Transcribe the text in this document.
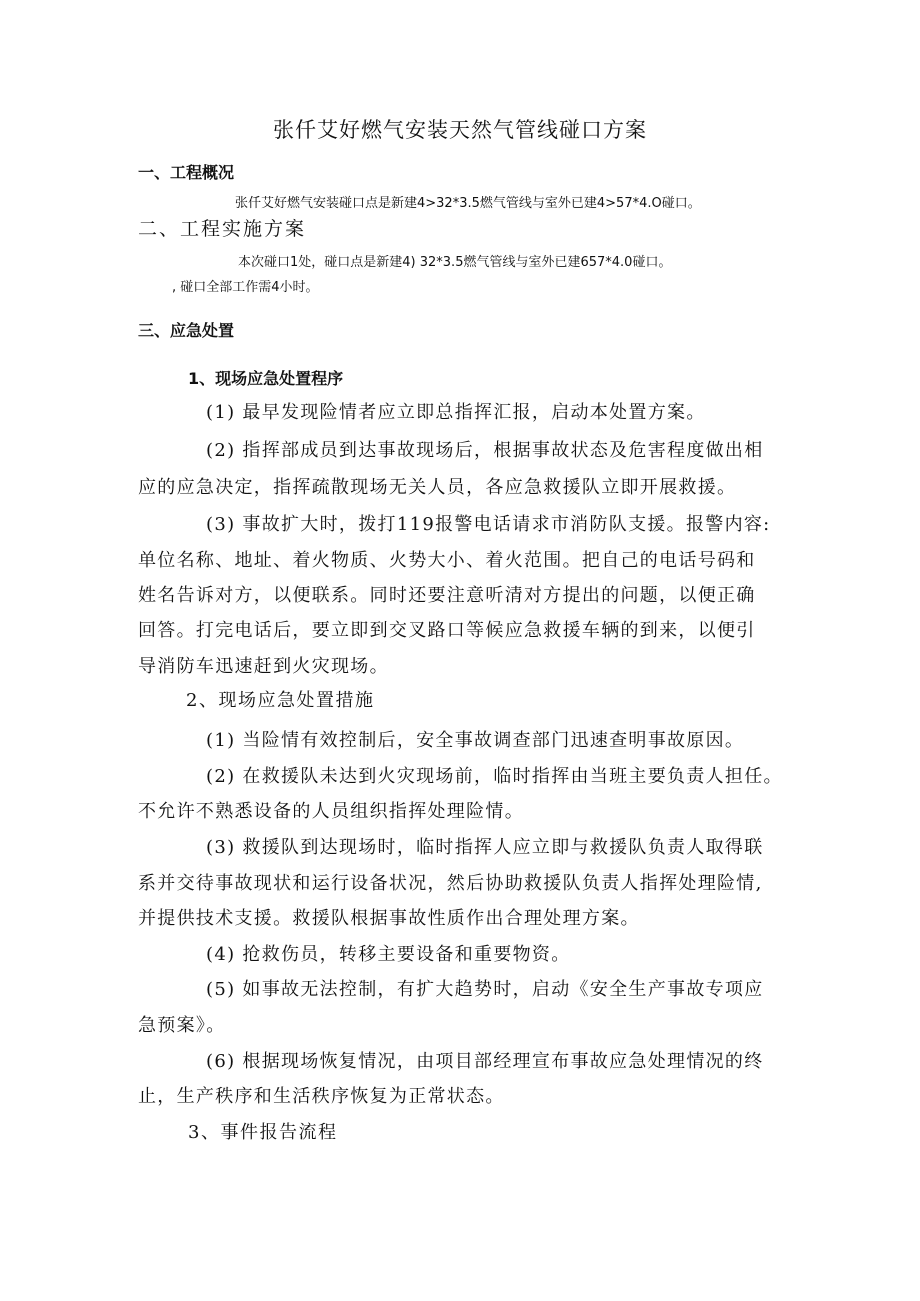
张仟艾好燃气安装天然气管线碰口方案
一、工程概况
张仟艾好燃气安装碰口点是新建4>32*3.5燃气管线与室外已建4>57*4.O碰口。
二、工程实施方案
本次碰口1处，碰口点是新建4) 32*3.5燃气管线与室外已建657*4.0碰口。
, 碰口全部工作需4小时。
三、应急处置
1、现场应急处置程序
(1) 最早发现险情者应立即总指挥汇报，启动本处置方案。
(2) 指挥部成员到达事故现场后，根据事故状态及危害程度做出相
应的应急决定，指挥疏散现场无关人员，各应急救援队立即开展救援。
(3) 事故扩大时，拨打119报警电话请求市消防队支援。报警内容:
单位名称、地址、着火物质、火势大小、着火范围。把自己的电话号码和
姓名告诉对方，以便联系。同时还要注意听清对方提出的问题，以便正确
回答。打完电话后，要立即到交叉路口等候应急救援车辆的到来，以便引
导消防车迅速赶到火灾现场。
2、现场应急处置措施
(1) 当险情有效控制后，安全事故调查部门迅速查明事故原因。
(2) 在救援队未达到火灾现场前，临时指挥由当班主要负责人担任。
不允许不熟悉设备的人员组织指挥处理险情。
(3) 救援队到达现场时，临时指挥人应立即与救援队负责人取得联
系并交待事故现状和运行设备状况，然后协助救援队负责人指挥处理险情,
并提供技术支援。救援队根据事故性质作出合理处理方案。
(4) 抢救伤员，转移主要设备和重要物资。
(5) 如事故无法控制，有扩大趋势时，启动《安全生产事故专项应
急预案》。
(6) 根据现场恢复情况，由项目部经理宣布事故应急处理情况的终
止，生产秩序和生活秩序恢复为正常状态。
3、事件报告流程
